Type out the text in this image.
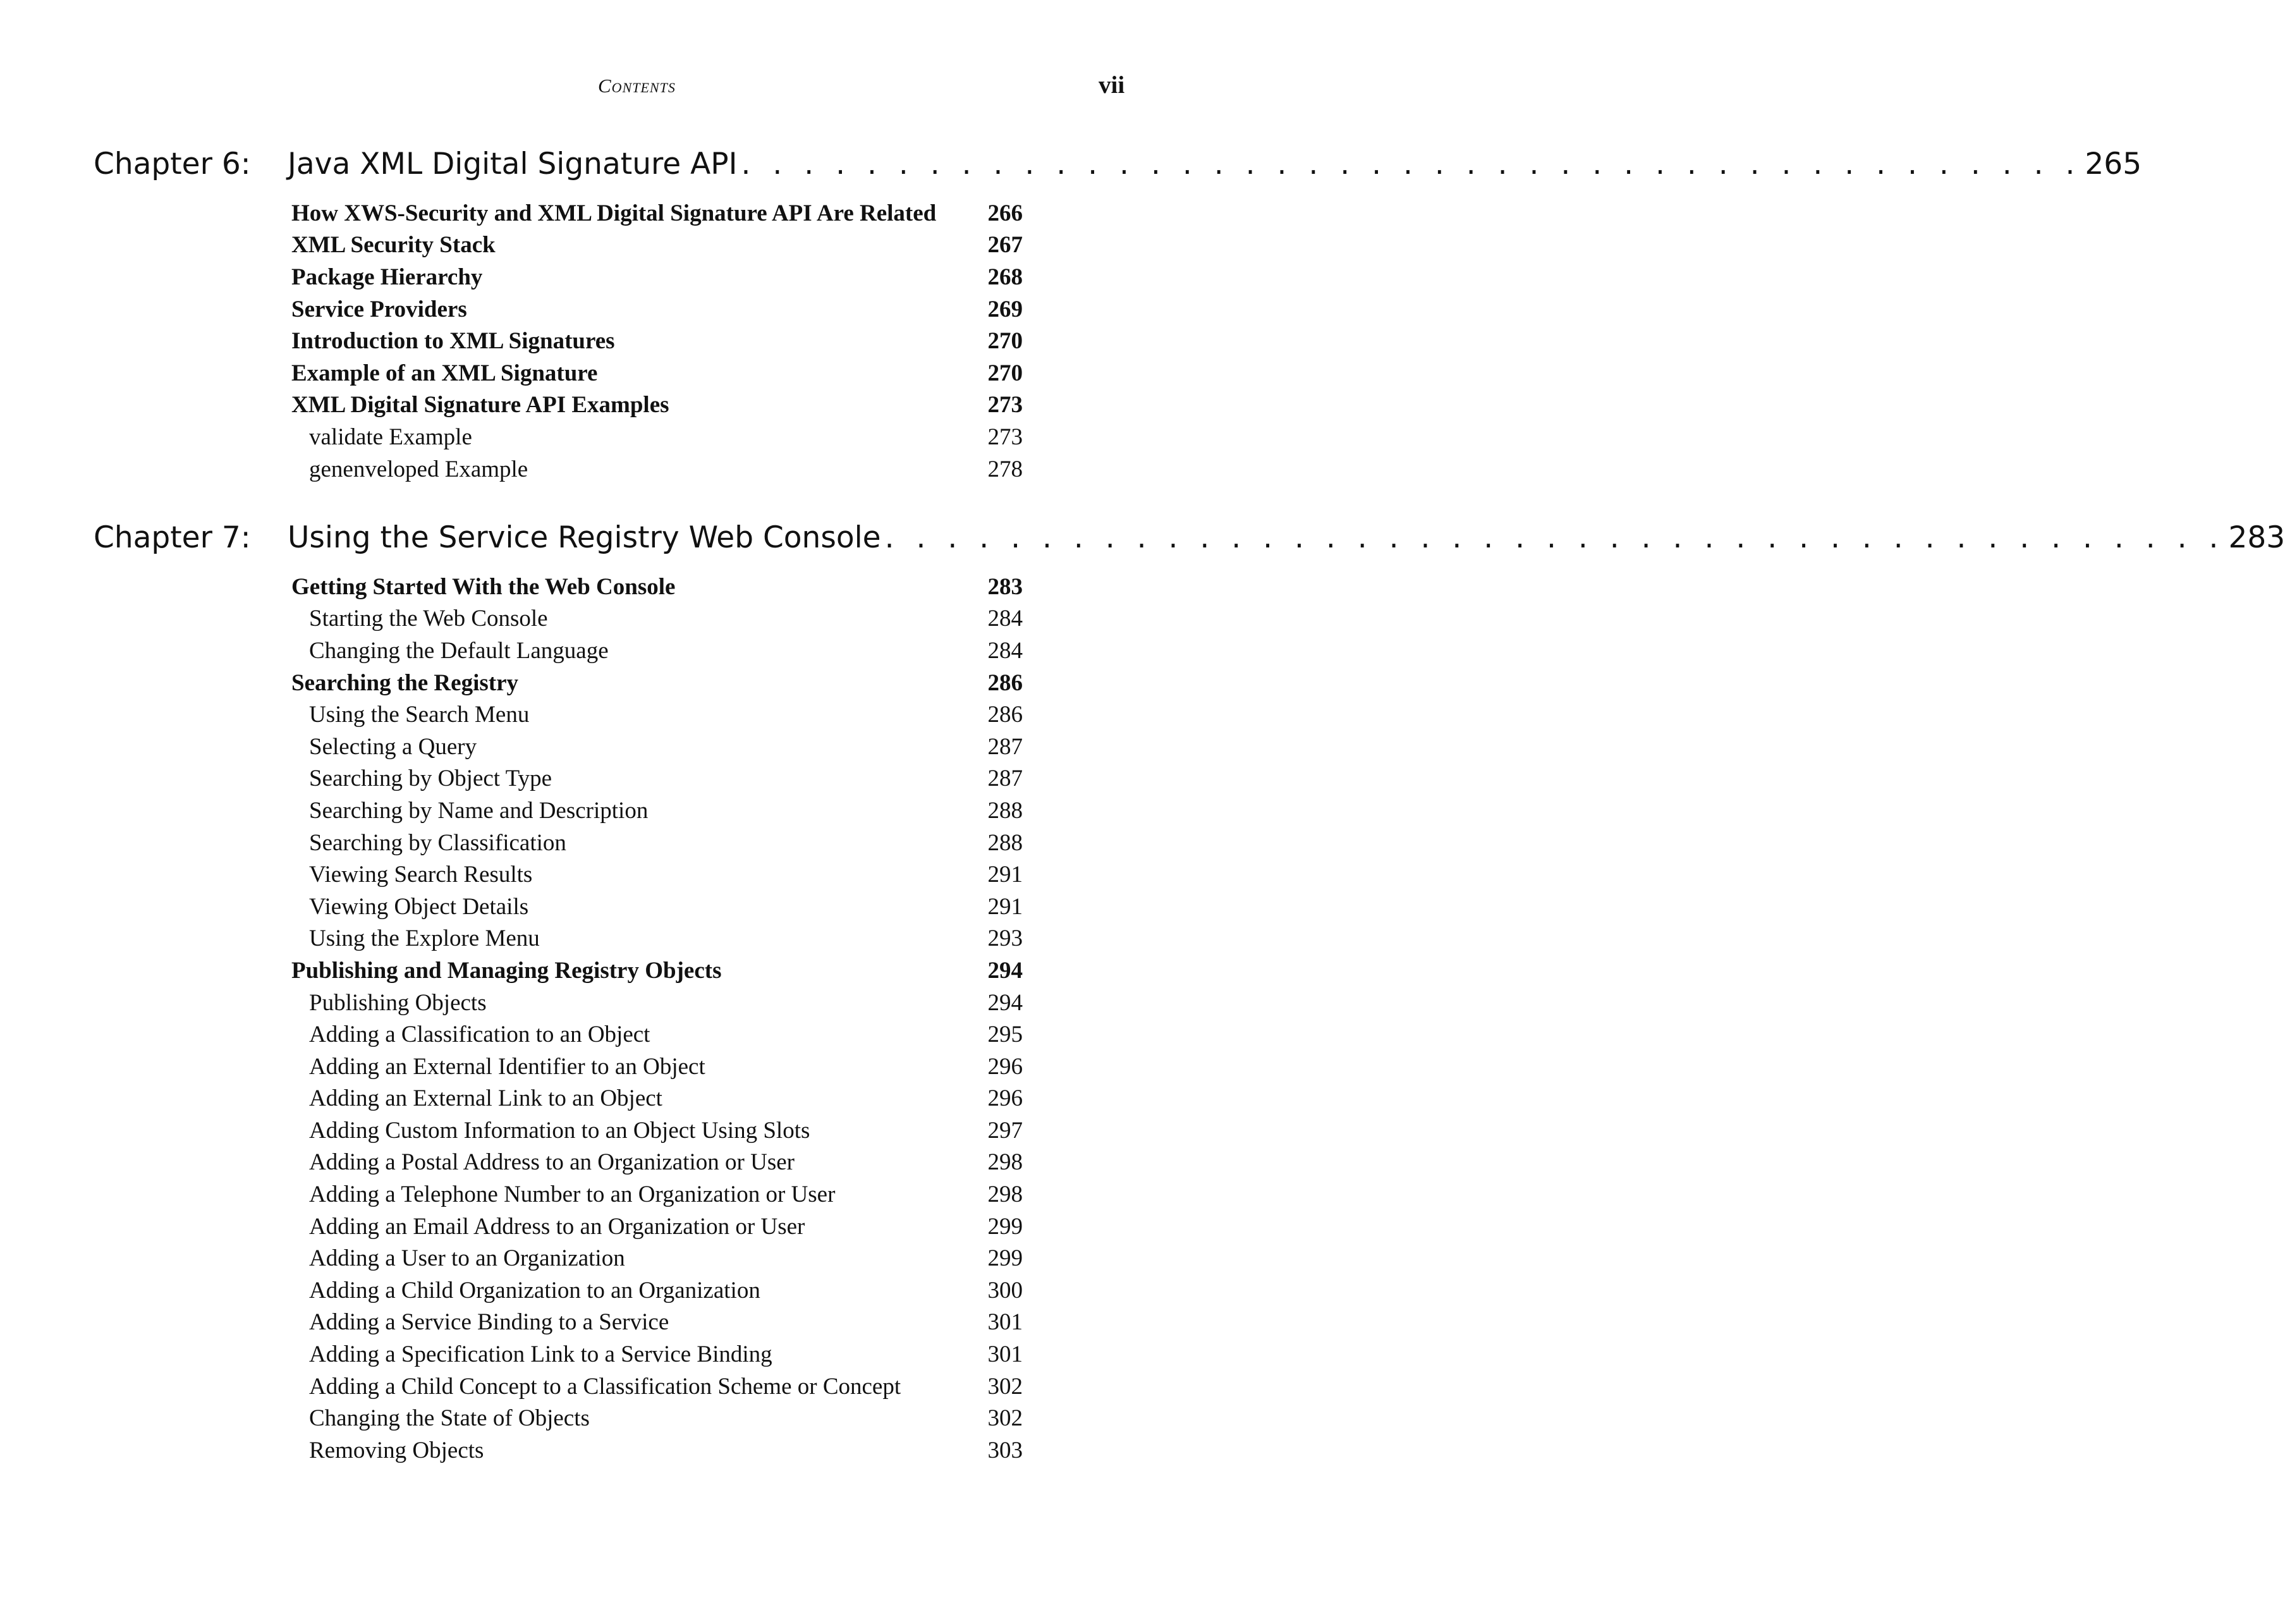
Contents	vii
Chapter 6: Java XML Digital Signature API . . . . . . . . . . . . . . . . . . . . . . . . . . . . . . . . . . . . . . . . . . . 265
How XWS-Security and XML Digital Signature API Are Related 266
XML Security Stack	267
Package Hierarchy	268
Service Providers	269
Introduction to XML Signatures	270
Example of an XML Signature	270
XML Digital Signature API Examples	273
validate Example	273
genenveloped Example	278
Chapter 7: Using the Service Registry Web Console . . . . . . . . . . . . . . . . . . . . . . . . . . . . . . . . . . . . . . . . . . . 283
Getting Started With the Web Console	283
Starting the Web Console	284
Changing the Default Language	284
Searching the Registry	286
Using the Search Menu	286
Selecting a Query	287
Searching by Object Type	287
Searching by Name and Description	288
Searching by Classification	288
Viewing Search Results	291
Viewing Object Details	291
Using the Explore Menu	293
Publishing and Managing Registry Objects	294
Publishing Objects	294
Adding a Classification to an Object	295
Adding an External Identifier to an Object	296
Adding an External Link to an Object	296
Adding Custom Information to an Object Using Slots	297
Adding a Postal Address to an Organization or User	298
Adding a Telephone Number to an Organization or User	298
Adding an Email Address to an Organization or User	299
Adding a User to an Organization	299
Adding a Child Organization to an Organization	300
Adding a Service Binding to a Service	301
Adding a Specification Link to a Service Binding	301
Adding a Child Concept to a Classification Scheme or Concept	302
Changing the State of Objects	302
Removing Objects	303
